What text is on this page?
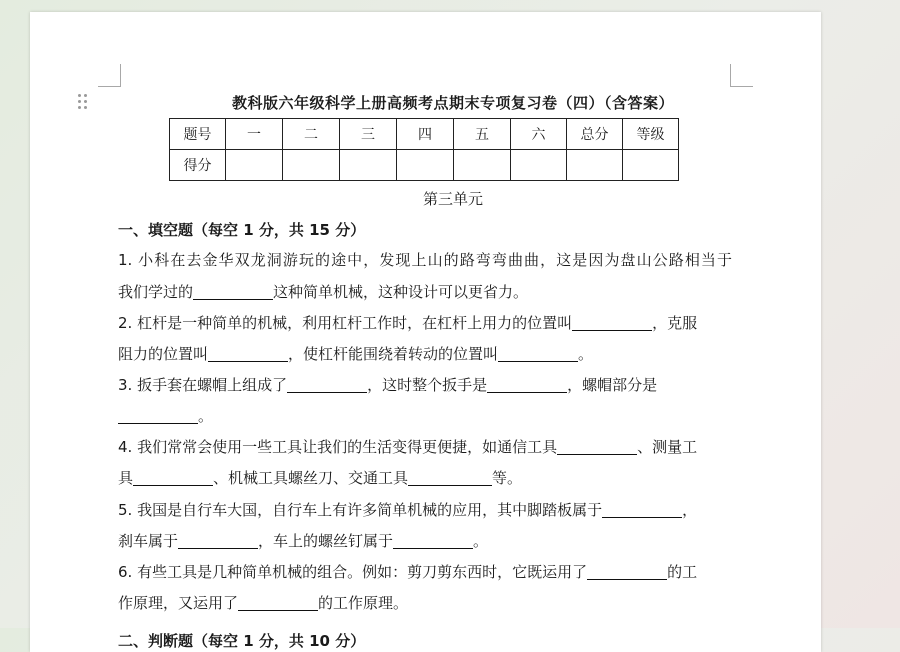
教科版六年级科学上册高频考点期末专项复习卷（四）（含答案）
题号	一	二	三	四	五	六	总分	等级
得分								
第三单元
一、填空题（每空 1 分，共 15 分）
1. 小科在去金华双龙洞游玩的途中，发现上山的路弯弯曲曲，这是因为盘山公路相当于
我们学过的	这种简单机械，这种设计可以更省力。
2. 杠杆是一种简单的机械，利用杠杆工作时，在杠杆上用力的位置叫	，克服
阻力的位置叫	，使杠杆能围绕着转动的位置叫	。
3. 扳手套在螺帽上组成了	，这时整个扳手是	，螺帽部分是
。
4. 我们常常会使用一些工具让我们的生活变得更便捷，如通信工具	、测量工
具	、机械工具螺丝刀、交通工具	等。
5. 我国是自行车大国，自行车上有许多简单机械的应用，其中脚踏板属于	，
刹车属于	，车上的螺丝钉属于	。
6. 有些工具是几种简单机械的组合。例如：剪刀剪东西时，它既运用了	的工
作原理，又运用了	的工作原理。
二、判断题（每空 1 分，共 10 分）
